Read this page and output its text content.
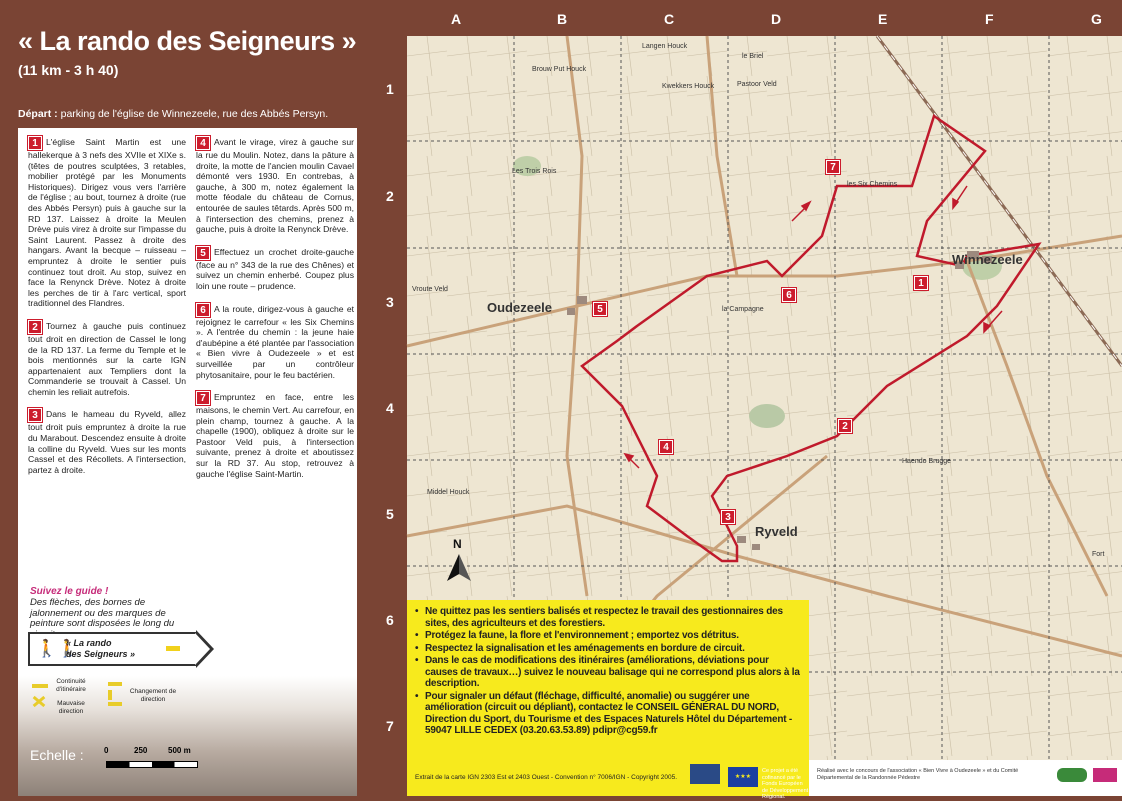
« La rando des Seigneurs »
(11 km - 3 h 40)
Départ : parking de l'église de Winnezeele, rue des Abbés Persyn.
1 L'église Saint Martin est une hallekerque à 3 nefs des XVIIe et XIXe s. (têtes de poutres sculptées, 3 retables, mobilier protégé par les Monuments Historiques). Dirigez vous vers l'arrière de l'église ; au bout, tournez à droite (rue des Abbés Persyn) puis à gauche sur la RD 137. Laissez à droite la Meulen Drève puis virez à droite sur l'impasse du Saint Laurent. Passez à droite des hangars. Avant la becque – ruisseau – empruntez à droite le sentier puis continuez tout droit. Au stop, suivez en face la Renynck Drève. Notez à droite les perches de tir à l'arc vertical, sport traditionnel des Flandres.
2 Tournez à gauche puis continuez tout droit en direction de Cassel le long de la RD 137. La ferme du Temple et le bois mentionnés sur la carte IGN appartenaient aux Templiers dont la Commanderie se trouvait à Cassel. Un chemin les reliait autrefois.
3 Dans le hameau du Ryveld, allez tout droit puis empruntez à droite la rue du Marabout. Descendez ensuite à droite la colline du Ryveld. Vues sur les monts Cassel et des Récollets. A l'intersection, partez à droite.
4 Avant le virage, virez à gauche sur la rue du Moulin. Notez, dans la pâture à droite, la motte de l'ancien moulin Cavael démonté vers 1930. En contrebas, à gauche, à 300 m, notez également la motte féodale du château de Cornus, entourée de saules têtards. Après 500 m, à l'intersection des chemins, prenez à gauche, puis à droite la Renynck Drève.
5 Effectuez un crochet droite-gauche (face au n° 343 de la rue des Chênes) et suivez un chemin enherbé. Coupez plus loin une route – prudence.
6 A la route, dirigez-vous à gauche et rejoignez le carrefour « les Six Chemins ». A l'entrée du chemin : la jeune haie d'aubépine a été plantée par l'association « Bien vivre à Oudezeele » et est surveillée par un contrôleur phytosanitaire, pour le feu bactérien.
7 Empruntez en face, entre les maisons, le chemin Vert. Au carrefour, en plein champ, tournez à gauche. A la chapelle (1900), obliquez à droite sur le Pastoor Veld puis, à l'intersection suivante, prenez à droite et aboutissez sur la RD 37. Au stop, retrouvez à gauche l'église Saint-Martin.
Suivez le guide !
Des flèches, des bornes de jalonnement ou des marques de peinture sont disposées le long du
🚶🚶
« La rando
des Seigneurs »
Continuité d'itinéraire
Mauvaise direction
Changement de direction
Echelle :	0	250	500 m
A	B	C	D	E	F	G
1
2
3
4
5
6
7
Winnezeele
Oudezeele
Ryveld
les Six Chemins
la Campagne
Vroute Veld
Middel Houck
Langen Houck
le Briel
Brouw Put Houck
Kwekkers Houck
Les Trois Rois
Pastoor Veld
Haendo Brugge
Fort
N
1
2
3
4
5
6
7
• Ne quittez pas les sentiers balisés et respectez le travail des gestionnaires des sites, des agriculteurs et des forestiers.
• Protégez la faune, la flore et l'environnement ; emportez vos détritus.
• Respectez la signalisation et les aménagements en bordure de circuit.
• Dans le cas de modifications des itinéraires (améliorations, déviations pour causes de travaux…) suivez le nouveau balisage qui ne correspond plus alors à la description.
• Pour signaler un défaut (fléchage, difficulté, anomalie) ou suggérer une amélioration (circuit ou dépliant), contactez le CONSEIL GÉNÉRAL DU NORD, Direction du Sport, du Tourisme et des Espaces Naturels Hôtel du Département - 59047 LILLE CEDEX (03.20.63.53.89) pdipr@cg59.fr
Extrait de la carte IGN 2303 Est et 2403 Ouest - Convention n° 7006/IGN - Copyright 2005.	★★★
Ce projet a été cofinancé par le Fonds Européen de Développement Régional.
Réalisé avec le concours de l'association « Bien Vivre à Oudezeele » et du Comité Départemental de la Randonnée Pédestre
